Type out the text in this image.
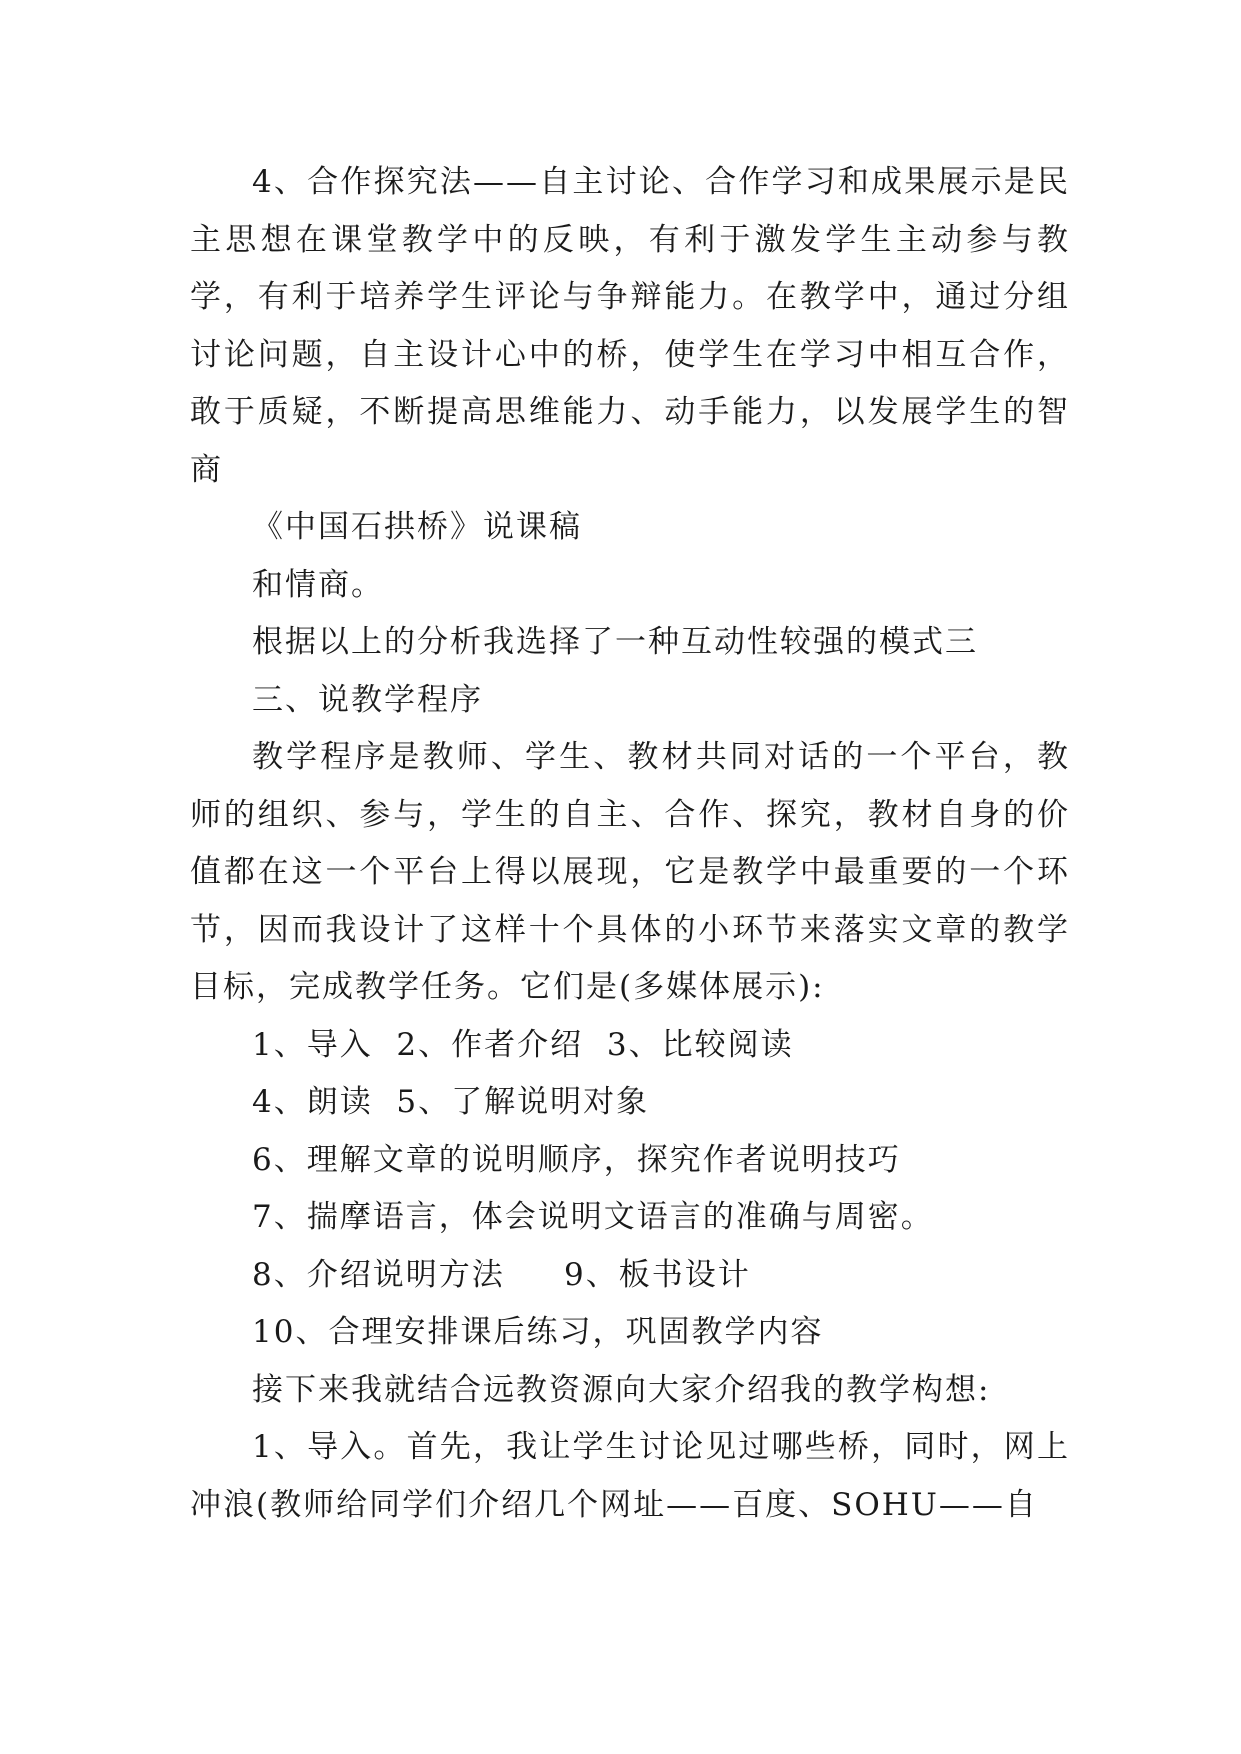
4、合作探究法——自主讨论、合作学习和成果展示是民主思想在课堂教学中的反映，有利于激发学生主动参与教学，有利于培养学生评论与争辩能力。在教学中，通过分组讨论问题，自主设计心中的桥，使学生在学习中相互合作，敢于质疑，不断提高思维能力、动手能力，以发展学生的智商

《中国石拱桥》说课稿

和情商。

根据以上的分析我选择了一种互动性较强的模式三

三、说教学程序

教学程序是教师、学生、教材共同对话的一个平台，教师的组织、参与，学生的自主、合作、探究，教材自身的价值都在这一个平台上得以展现，它是教学中最重要的一个环节，因而我设计了这样十个具体的小环节来落实文章的教学目标，完成教学任务。它们是(多媒体展示):

1、导入  2、作者介绍  3、比较阅读

4、朗读  5、了解说明对象

6、理解文章的说明顺序，探究作者说明技巧

7、揣摩语言，体会说明文语言的准确与周密。

8、介绍说明方法     9、板书设计

10、合理安排课后练习，巩固教学内容

接下来我就结合远教资源向大家介绍我的教学构想:

1、导入。首先，我让学生讨论见过哪些桥，同时，网上冲浪(教师给同学们介绍几个网址——百度、SOHU——自
